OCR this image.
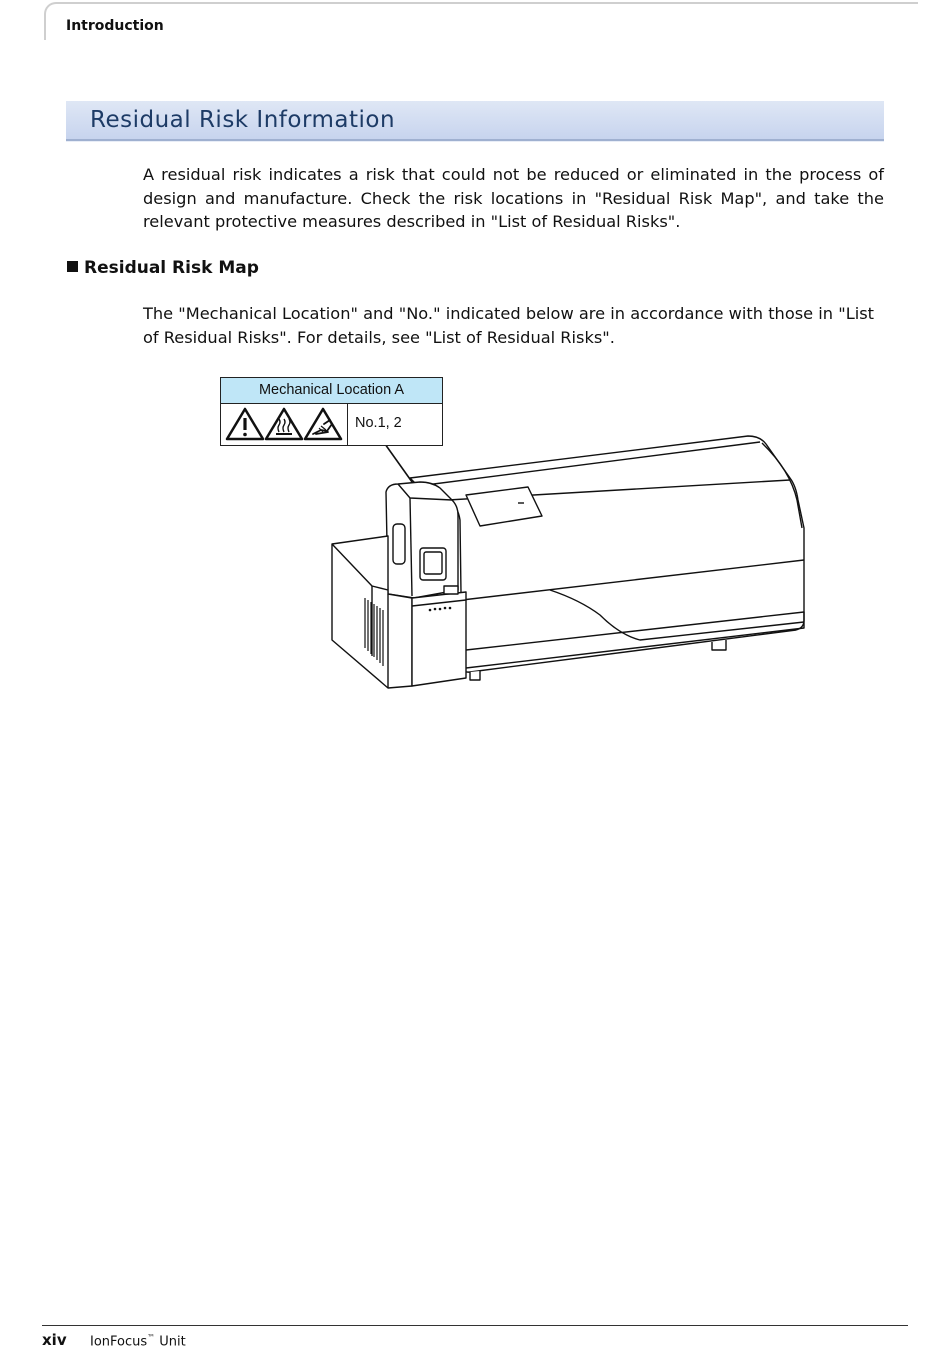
Introduction
Residual Risk Information
A residual risk indicates a risk that could not be reduced or eliminated in the process of design and manufacture. Check the risk locations in "Residual Risk Map", and take the relevant protective measures described in "List of Residual Risks".
Residual Risk Map
The "Mechanical Location" and "No." indicated below are in accordance with those in "List of Residual Risks". For details, see "List of Residual Risks".
Mechanical Location A
No.1, 2
xiv IonFocus™ Unit
